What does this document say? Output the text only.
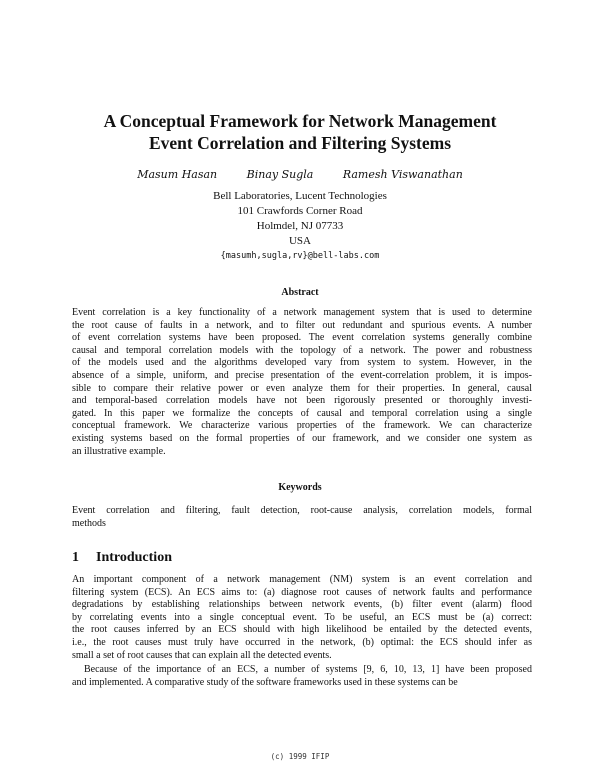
A Conceptual Framework for Network Management
Event Correlation and Filtering Systems
Masum Hasan	Binay Sugla	Ramesh Viswanathan
Bell Laboratories, Lucent Technologies
101 Crawfords Corner Road
Holmdel, NJ 07733
USA
{masumh,sugla,rv}@bell-labs.com
Abstract
Event correlation is a key functionality of a network management system that is used to determine
the root cause of faults in a network, and to filter out redundant and spurious events. A number
of event correlation systems have been proposed. The event correlation systems generally combine
causal and temporal correlation models with the topology of a network. The power and robustness
of the models used and the algorithms developed vary from system to system. However, in the
absence of a simple, uniform, and precise presentation of the event-correlation problem, it is impos-
sible to compare their relative power or even analyze them for their properties. In general, causal
and temporal-based correlation models have not been rigorously presented or thoroughly investi-
gated. In this paper we formalize the concepts of causal and temporal correlation using a single
conceptual framework. We characterize various properties of the framework. We can characterize
existing systems based on the formal properties of our framework, and we consider one system as
an illustrative example.
Keywords
Event correlation and filtering, fault detection, root-cause analysis, correlation models, formal
methods
1 Introduction
An important component of a network management (NM) system is an event correlation and
filtering system (ECS). An ECS aims to: (a) diagnose root causes of network faults and performance
degradations by establishing relationships between network events, (b) filter event (alarm) flood
by correlating events into a single conceptual event. To be useful, an ECS must be (a) correct:
the root causes inferred by an ECS should with high likelihood be entailed by the detected events,
i.e., the root causes must truly have occurred in the network, (b) optimal: the ECS should infer as
small a set of root causes that can explain all the detected events.
Because of the importance of an ECS, a number of systems [9, 6, 10, 13, 1] have been proposed
and implemented. A comparative study of the software frameworks used in these systems can be
(c) 1999 IFIP
